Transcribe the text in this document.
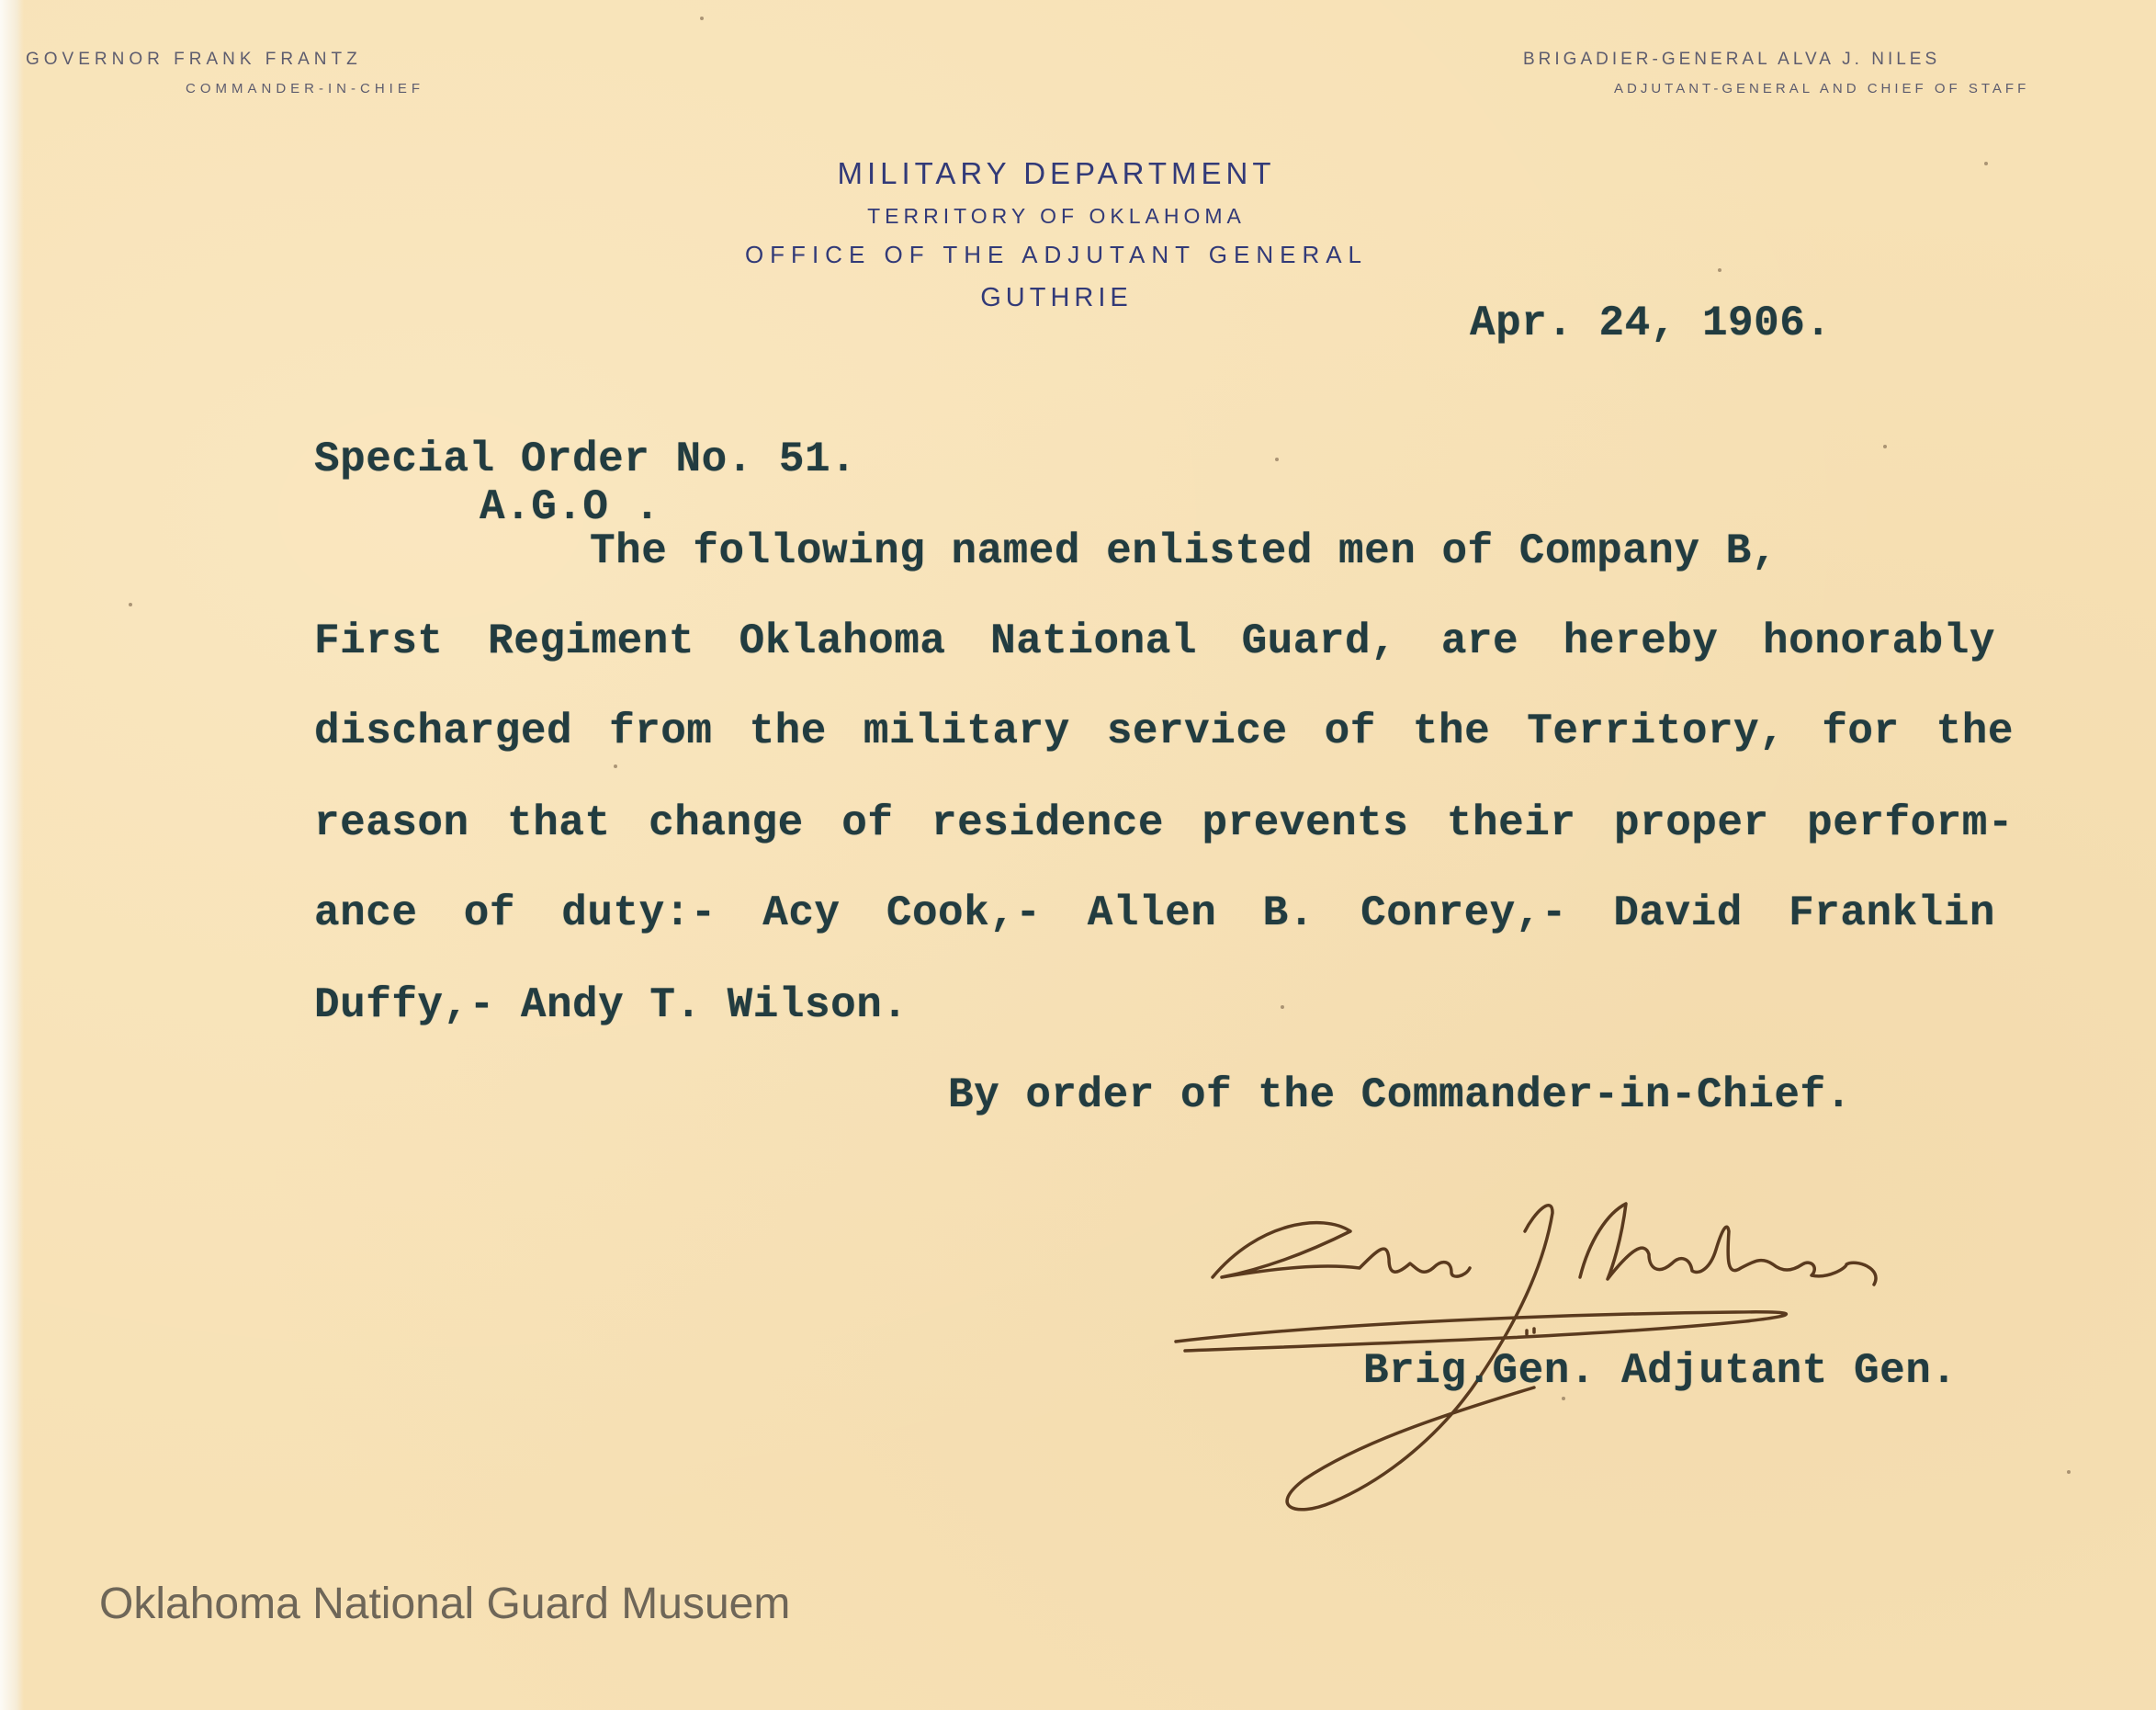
GOVERNOR FRANK FRANTZ
COMMANDER-IN-CHIEF
BRIGADIER-GENERAL ALVA J. NILES
ADJUTANT-GENERAL AND CHIEF OF STAFF
MILITARY DEPARTMENT
TERRITORY OF OKLAHOMA
OFFICE OF THE ADJUTANT GENERAL
GUTHRIE
Apr. 24, 1906.
Special Order No. 51.
A.G.O .
The following named enlisted men of Company B,
First Regiment Oklahoma National Guard, are hereby honorably
discharged from the military service of the Territory, for the
reason that change of residence prevents their proper perform-
ance of duty:- Acy Cook,- Allen B. Conrey,- David Franklin
Duffy,- Andy T. Wilson.
By order of the Commander-in-Chief.
Brig.Gen. Adjutant Gen.
Oklahoma National Guard Musuem
